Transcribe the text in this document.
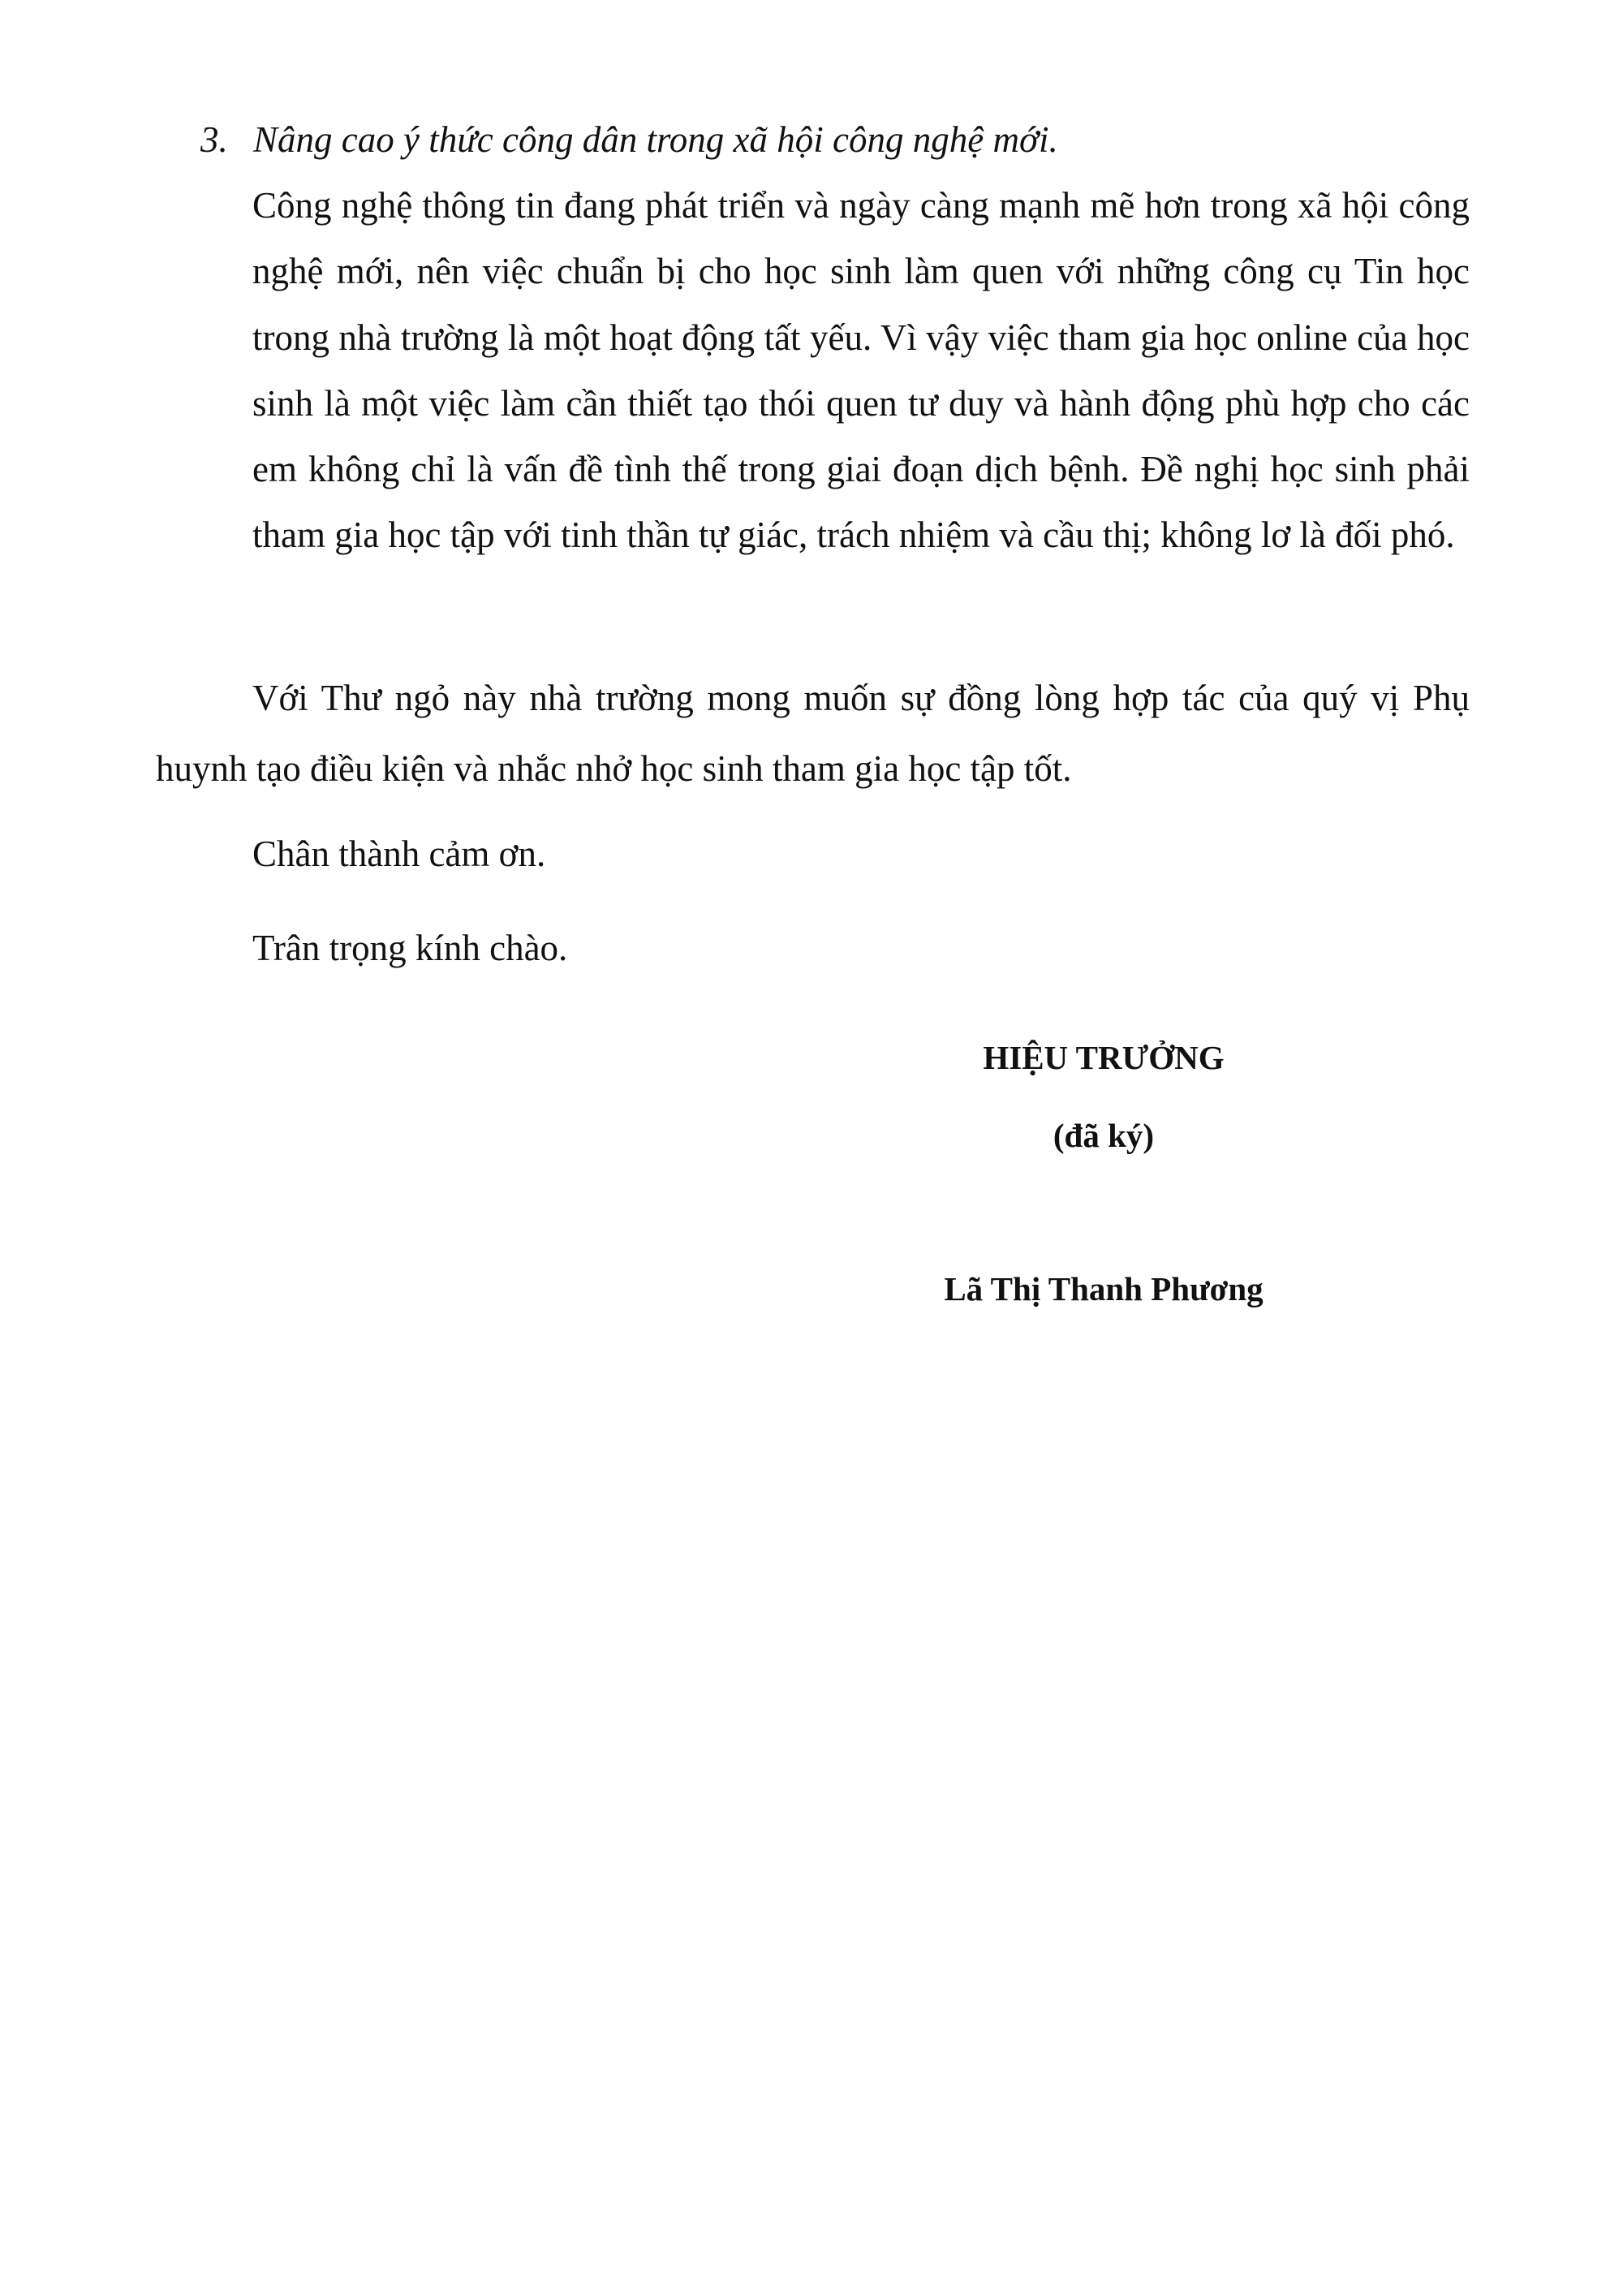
3. Nâng cao ý thức công dân trong xã hội công nghệ mới.

Công nghệ thông tin đang phát triển và ngày càng mạnh mẽ hơn trong xã hội công nghệ mới, nên việc chuẩn bị cho học sinh làm quen với những công cụ Tin học trong nhà trường là một hoạt động tất yếu. Vì vậy việc tham gia học online của học sinh là một việc làm cần thiết tạo thói quen tư duy và hành động phù hợp cho các em không chỉ là vấn đề tình thế trong giai đoạn dịch bệnh. Đề nghị học sinh phải tham gia học tập với tinh thần tự giác, trách nhiệm và cầu thị; không lơ là đối phó.

Với Thư ngỏ này nhà trường mong muốn sự đồng lòng hợp tác của quý vị Phụ huynh tạo điều kiện và nhắc nhở học sinh tham gia học tập tốt.

Chân thành cảm ơn.
Trân trọng kính chào.
HIỆU TRƯỞNG
(đã ký)
Lã Thị Thanh Phương
